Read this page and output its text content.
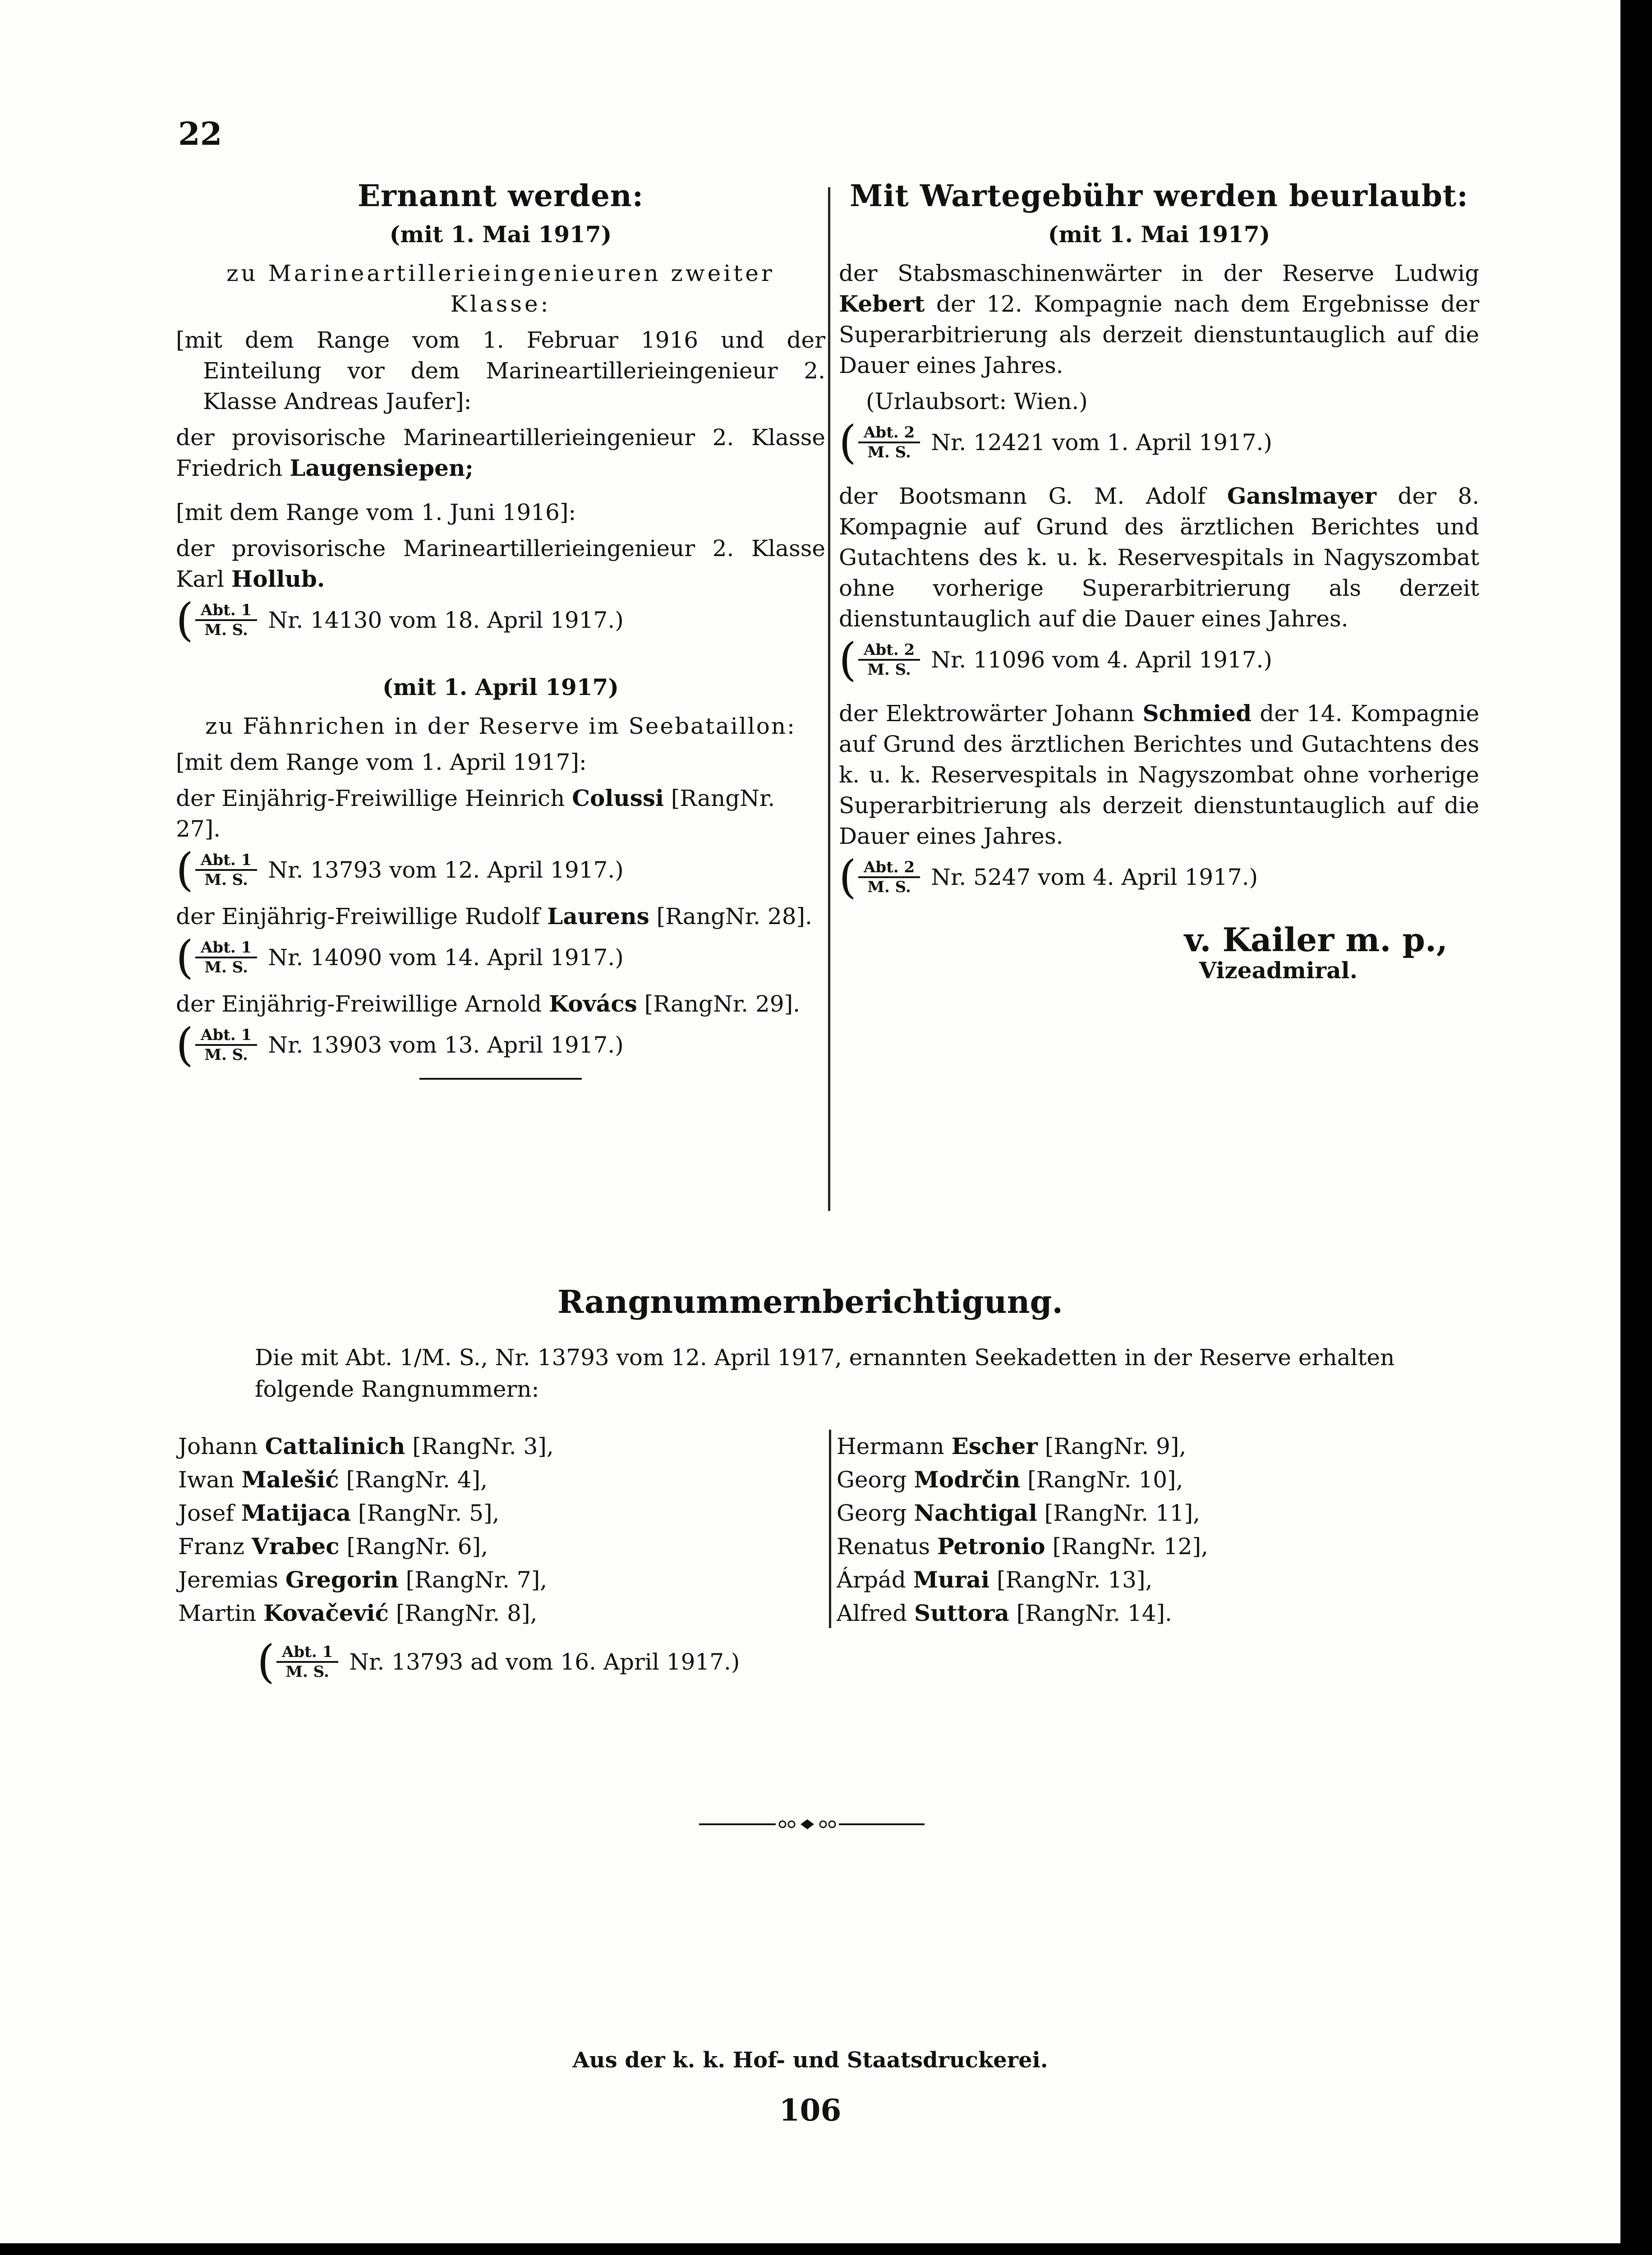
22
Ernannt werden:
(mit 1. Mai 1917)
zu Marineartillerieingenieuren zweiter Klasse:
[mit dem Range vom 1. Februar 1916 und der Einteilung vor dem Marineartillerieingenieur 2. Klasse Andreas Jaufer]:
der provisorische Marineartillerieingenieur 2. Klasse Friedrich Laugensiepen;
[mit dem Range vom 1. Juni 1916]:
der provisorische Marineartillerieingenieur 2. Klasse Karl Hollub.
( $\frac{\text{Abt. 1}}{M. S.} Nr$. 14130 vom 18. April 1917.)
(mit 1. April 1917)
zu Fähnrichen in der Reserve im Seebataillon:
[mit dem Range vom 1. April 1917]:
der Einjährig-Freiwillige Heinrich Colussi [RangNr. 27].
( $\frac{\text{Abt. 1}}{M. S.} Nr$. 13793 vom 12. April 1917.)
der Einjährig-Freiwillige Rudolf Laurens [RangNr. 28].
( $\frac{\text{Abt. 1}}{M. S.} Nr$. 14090 vom 14. April 1917.)
der Einjährig-Freiwillige Arnold Kovács [RangNr. 29].
( $\frac{\text{Abt. 1}}{M. S.} Nr$. 13903 vom 13. April 1917.)
Mit Wartegebühr werden beurlaubt:
(mit 1. Mai 1917)
der Stabsmaschinenwärter in der Reserve Ludwig Kebert der 12. Kompagnie nach dem Ergebnisse der Superarbitrierung als derzeit dienstuntauglich auf die Dauer eines Jahres.
(Urlaubsort: Wien.)
( $\frac{\text{Abt. 2}}{M. S.} Nr$. 12421 vom 1. April 1917.)
der Bootsmann G. M. Adolf Ganslmayer der 8. Kompagnie auf Grund des ärztlichen Berichtes und Gutachtens des k. u. k. Reservespitals in Nagyszombat ohne vorherige Superarbitrierung als derzeit dienstuntauglich auf die Dauer eines Jahres.
( $\frac{\text{Abt. 2}}{M. S.} Nr$. 11096 vom 4. April 1917.)
der Elektrowärter Johann Schmied der 14. Kompagnie auf Grund des ärztlichen Berichtes und Gutachtens des k. u. k. Reservespitals in Nagyszombat ohne vorherige Superarbitrierung als derzeit dienstuntauglich auf die Dauer eines Jahres.
( $\frac{\text{Abt. 2}}{M. S.} Nr$. 5247 vom 4. April 1917.)
v. Kailer m. p.,
Vizeadmiral.
Rangnummernberichtigung.
Die mit Abt. 1/M. S., Nr. 13793 vom 12. April 1917, ernannten Seekadetten in der Reserve erhalten folgende Rangnummern:
Johann Cattalinich [RangNr. 3],
Iwan Malešić [RangNr. 4],
Josef Matijaca [RangNr. 5],
Franz Vrabec [RangNr. 6],
Jeremias Gregorin [RangNr. 7],
Martin Kovačević [RangNr. 8],
Hermann Escher [RangNr. 9],
Georg Modrčin [RangNr. 10],
Georg Nachtigal [RangNr. 11],
Renatus Petronio [RangNr. 12],
Árpád Murai [RangNr. 13],
Alfred Suttora [RangNr. 14].
( $\frac{\text{Abt. 1}}{M. S.} Nr$. 13793 ad vom 16. April 1917.)
Aus der k. k. Hof- und Staatsdruckerei.
106
